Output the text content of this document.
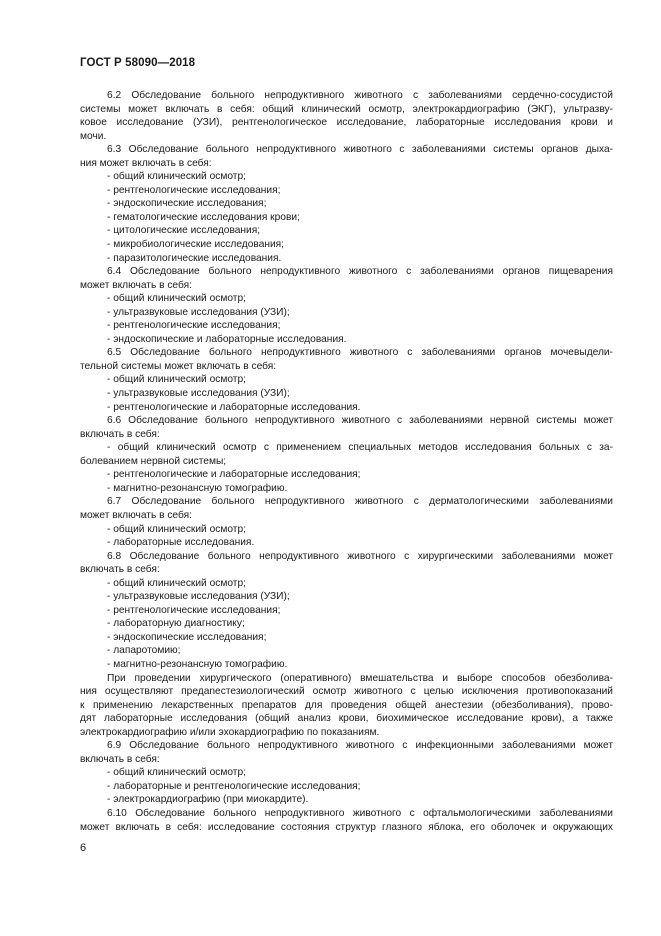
ГОСТ Р 58090—2018

6.2 Обследование больного непродуктивного животного с заболеваниями сердечно-сосудистой

системы может включать в себя: общий клинический осмотр, электрокардиографию (ЭКГ), ультразву-

ковое исследование (УЗИ), рентгенологическое исследование, лабораторные исследования крови и

мочи.

6.3 Обследование больного непродуктивного животного с заболеваниями системы органов дыха-

ния может включать в себя:

- общий клинический осмотр;
- рентгенологические исследования;
- эндоскопические исследования;
- гематологические исследования крови;
- цитологические исследования;
- микробиологические исследования;
- паразитологические исследования.

6.4 Обследование больного непродуктивного животного с заболеваниями органов пищеварения

может включать в себя:

- общий клинический осмотр;
- ультразвуковые исследования (УЗИ);
- рентгенологические исследования;
- эндоскопические и лабораторные исследования.

6.5 Обследование больного непродуктивного животного с заболеваниями органов мочевыдели-

тельной системы может включать в себя:

- общий клинический осмотр;
- ультразвуковые исследования (УЗИ);
- рентгенологические и лабораторные исследования.

6.6 Обследование больного непродуктивного животного с заболеваниями нервной системы может

включать в себя:

- общий клинический осмотр с применением специальных методов исследования больных с за-

болеванием нервной системы;

- рентгенологические и лабораторные исследования;
- магнитно-резонансную томографию.

6.7 Обследование больного непродуктивного животного с дерматологическими заболеваниями

может включать в себя:

- общий клинический осмотр;
- лабораторные исследования.

6.8 Обследование больного непродуктивного животного с хирургическими заболеваниями может

включать в себя:

- общий клинический осмотр;
- ультразвуковые исследования (УЗИ);
- рентгенологические исследования;
- лабораторную диагностику;
- эндоскопические исследования;
- лапаротомию;
- магнитно-резонансную томографию.

При проведении хирургического (оперативного) вмешательства и выборе способов обезболива-

ния осуществляют предanестезиологический осмотр животного с целью исключения противопоказаний

к применению лекарственных препаратов для проведения общей анестезии (обезболивания), прово-

дят лабораторные исследования (общий анализ крови, биохимическое исследование крови), а также

электрокардиографию и/или эхокардиографию по показаниям.

6.9 Обследование больного непродуктивного животного с инфекционными заболеваниями может

включать в себя:

- общий клинический осмотр;
- лабораторные и рентгенологические исследования;
- электрокардиографию (при миокардите).

6.10 Обследование больного непродуктивного животного с офтальмологическими заболеваниями

может включать в себя: исследование состояния структур глазного яблока, его оболочек и окружающих

6
